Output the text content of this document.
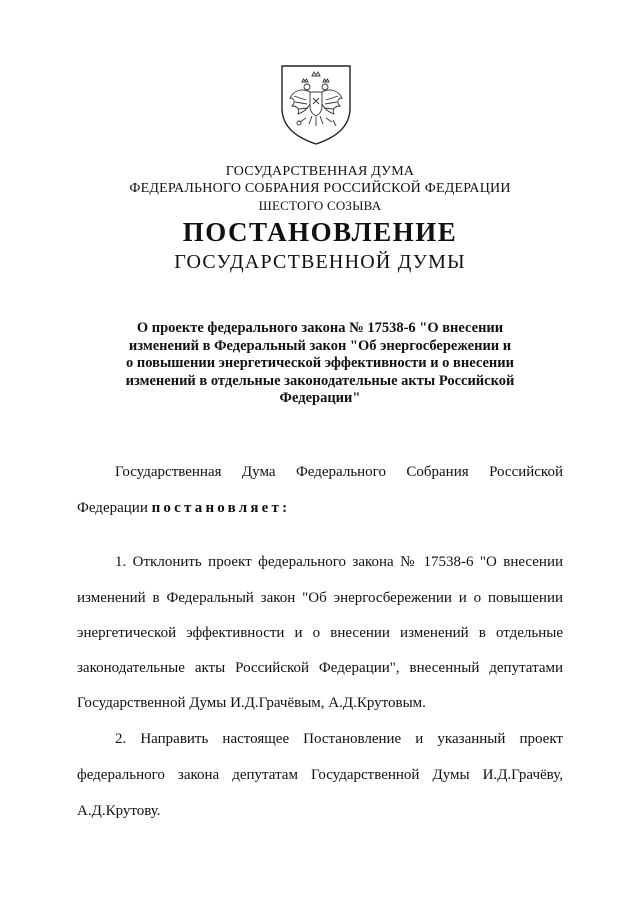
ГОСУДАРСТВЕННАЯ ДУМА
ФЕДЕРАЛЬНОГО СОБРАНИЯ РОССИЙСКОЙ ФЕДЕРАЦИИ
ШЕСТОГО СОЗЫВА
ПОСТАНОВЛЕНИЕ
ГОСУДАРСТВЕННОЙ ДУМЫ
О проекте федерального закона № 17538-6 "О внесении
изменений в Федеральный закон "Об энергосбережении и
о повышении энергетической эффективности и о внесении
изменений в отдельные законодательные акты Российской
Федерации"
Государственная Дума Федерального Собрания Российской
Федерации постановляет:
1. Отклонить проект федерального закона № 17538-6 "О внесении
изменений в Федеральный закон "Об энергосбережении и о повышении
энергетической эффективности и о внесении изменений в отдельные
законодательные акты Российской Федерации", внесенный депутатами
Государственной Думы И.Д.Грачёвым, А.Д.Крутовым.
2. Направить настоящее Постановление и указанный проект
федерального закона депутатам Государственной Думы И.Д.Грачёву,
А.Д.Крутову.
